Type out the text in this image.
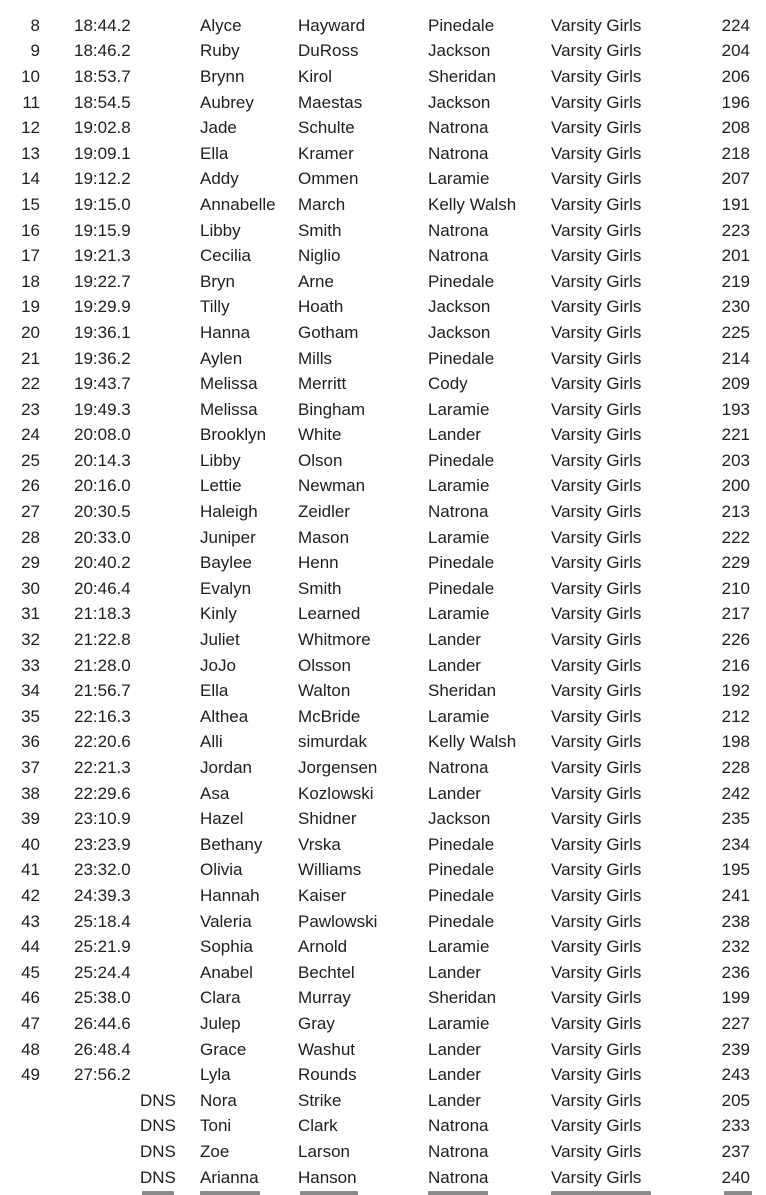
8 18:44.2	Alyce	Hayward	Pinedale	Varsity Girls	224
9 18:46.2	Ruby	DuRoss	Jackson	Varsity Girls	204
10 18:53.7	Brynn	Kirol	Sheridan	Varsity Girls	206
11 18:54.5	Aubrey	Maestas	Jackson	Varsity Girls	196
12 19:02.8	Jade	Schulte	Natrona	Varsity Girls	208
13 19:09.1	Ella	Kramer	Natrona	Varsity Girls	218
14 19:12.2	Addy	Ommen	Laramie	Varsity Girls	207
15 19:15.0	Annabelle	March	Kelly Walsh	Varsity Girls	191
16 19:15.9	Libby	Smith	Natrona	Varsity Girls	223
17 19:21.3	Cecilia	Niglio	Natrona	Varsity Girls	201
18 19:22.7	Bryn	Arne	Pinedale	Varsity Girls	219
19 19:29.9	Tilly	Hoath	Jackson	Varsity Girls	230
20 19:36.1	Hanna	Gotham	Jackson	Varsity Girls	225
21 19:36.2	Aylen	Mills	Pinedale	Varsity Girls	214
22 19:43.7	Melissa	Merritt	Cody	Varsity Girls	209
23 19:49.3	Melissa	Bingham	Laramie	Varsity Girls	193
24 20:08.0	Brooklyn	White	Lander	Varsity Girls	221
25 20:14.3	Libby	Olson	Pinedale	Varsity Girls	203
26 20:16.0	Lettie	Newman	Laramie	Varsity Girls	200
27 20:30.5	Haleigh	Zeidler	Natrona	Varsity Girls	213
28 20:33.0	Juniper	Mason	Laramie	Varsity Girls	222
29 20:40.2	Baylee	Henn	Pinedale	Varsity Girls	229
30 20:46.4	Evalyn	Smith	Pinedale	Varsity Girls	210
31 21:18.3	Kinly	Learned	Laramie	Varsity Girls	217
32 21:22.8	Juliet	Whitmore	Lander	Varsity Girls	226
33 21:28.0	JoJo	Olsson	Lander	Varsity Girls	216
34 21:56.7	Ella	Walton	Sheridan	Varsity Girls	192
35 22:16.3	Althea	McBride	Laramie	Varsity Girls	212
36 22:20.6	Alli	simurdak	Kelly Walsh	Varsity Girls	198
37 22:21.3	Jordan	Jorgensen	Natrona	Varsity Girls	228
38 22:29.6	Asa	Kozlowski	Lander	Varsity Girls	242
39 23:10.9	Hazel	Shidner	Jackson	Varsity Girls	235
40 23:23.9	Bethany	Vrska	Pinedale	Varsity Girls	234
41 23:32.0	Olivia	Williams	Pinedale	Varsity Girls	195
42 24:39.3	Hannah	Kaiser	Pinedale	Varsity Girls	241
43 25:18.4	Valeria	Pawlowski	Pinedale	Varsity Girls	238
44 25:21.9	Sophia	Arnold	Laramie	Varsity Girls	232
45 25:24.4	Anabel	Bechtel	Lander	Varsity Girls	236
46 25:38.0	Clara	Murray	Sheridan	Varsity Girls	199
47 26:44.6	Julep	Gray	Laramie	Varsity Girls	227
48 26:48.4	Grace	Washut	Lander	Varsity Girls	239
49 27:56.2	Lyla	Rounds	Lander	Varsity Girls	243
DNS	Nora	Strike	Lander	Varsity Girls	205
DNS	Toni	Clark	Natrona	Varsity Girls	233
DNS	Zoe	Larson	Natrona	Varsity Girls	237
DNS	Arianna	Hanson	Natrona	Varsity Girls	240
